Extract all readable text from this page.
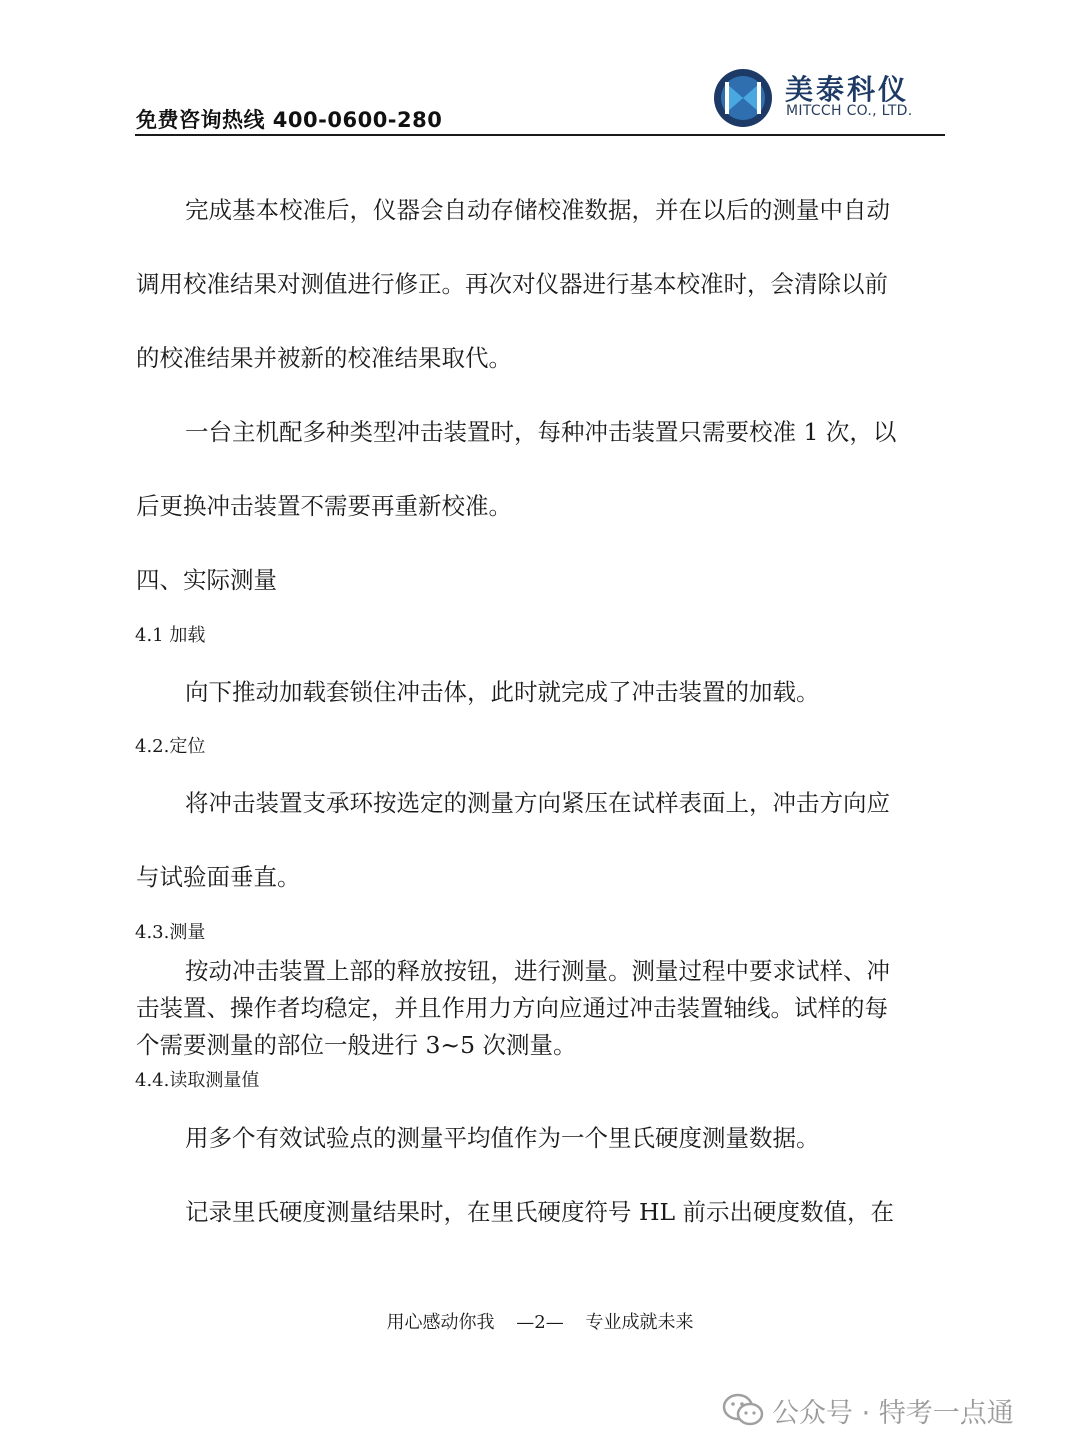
免费咨询热线 400-0600-280
美泰科仪
MITCCH CO., LTD.
完成基本校准后，仪器会自动存储校准数据，并在以后的测量中自动
调用校准结果对测值进行修正。再次对仪器进行基本校准时，会清除以前
的校准结果并被新的校准结果取代。
一台主机配多种类型冲击装置时，每种冲击装置只需要校准 1 次，以
后更换冲击装置不需要再重新校准。
四、实际测量
4.1 加载
向下推动加载套锁住冲击体，此时就完成了冲击装置的加载。
4.2.定位
将冲击装置支承环按选定的测量方向紧压在试样表面上，冲击方向应
与试验面垂直。
4.3.测量
按动冲击装置上部的释放按钮，进行测量。测量过程中要求试样、冲
击装置、操作者均稳定，并且作用力方向应通过冲击装置轴线。试样的每
个需要测量的部位一般进行 3~5 次测量。
4.4.读取测量值
用多个有效试验点的测量平均值作为一个里氏硬度测量数据。
记录里氏硬度测量结果时，在里氏硬度符号 HL 前示出硬度数值，在
用心感动你我 —2— 专业成就未来
公众号 · 特考一点通
